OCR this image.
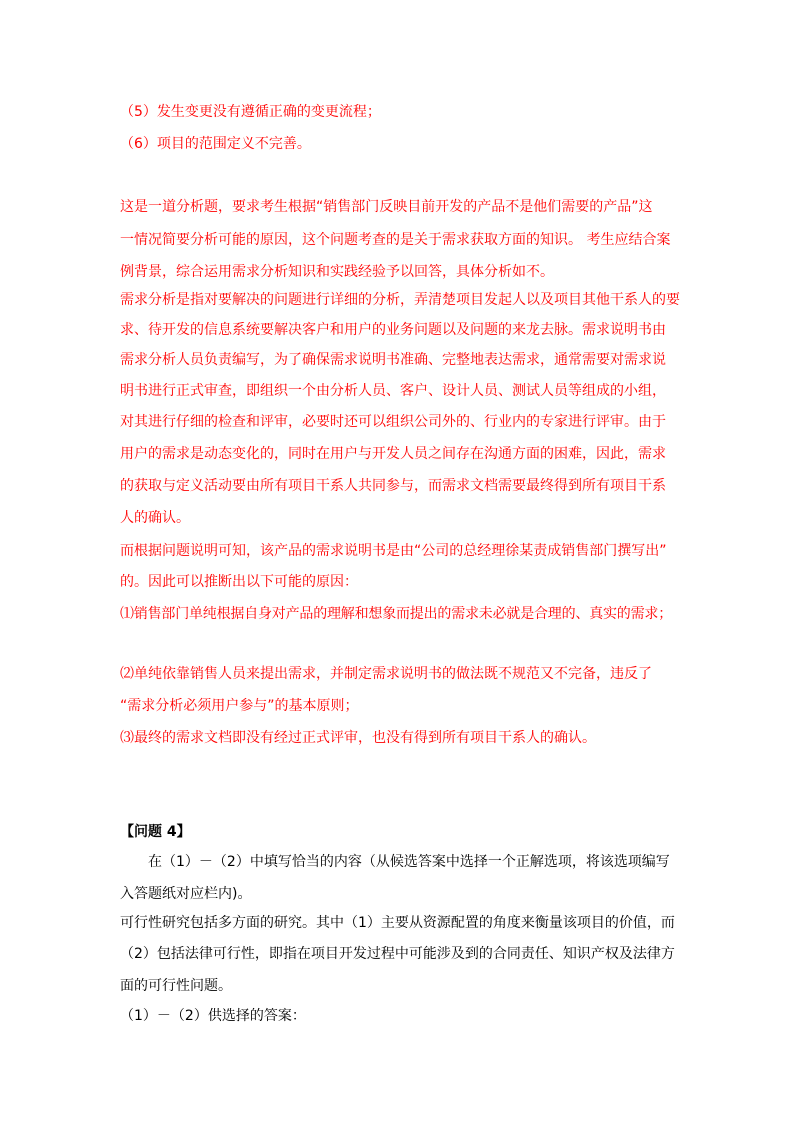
（5）发生变更没有遵循正确的变更流程；
（6）项目的范围定义不完善。
这是一道分析题，要求考生根据“销售部门反映目前开发的产品不是他们需要的产品”这
一情况简要分析可能的原因，这个问题考查的是关于需求获取方面的知识。 考生应结合案
例背景，综合运用需求分析知识和实践经验予以回答，具体分析如不。
需求分析是指对要解决的问题进行详细的分析，弄清楚项目发起人以及项目其他干系人的要
求、待开发的信息系统要解决客户和用户的业务问题以及问题的来龙去脉。需求说明书由
需求分析人员负责编写，为了确保需求说明书准确、完整地表达需求，通常需要对需求说
明书进行正式审查，即组织一个由分析人员、客户、设计人员、测试人员等组成的小组，
对其进行仔细的检查和评审，必要时还可以组织公司外的、行业内的专家进行评审。由于
用户的需求是动态变化的，同时在用户与开发人员之间存在沟通方面的困难，因此，需求
的获取与定义活动要由所有项目干系人共同参与，而需求文档需要最终得到所有项目干系
人的确认。
而根据问题说明可知，该产品的需求说明书是由“公司的总经理徐某责成销售部门撰写出”
的。因此可以推断出以下可能的原因：
⑴销售部门单纯根据自身对产品的理解和想象而提出的需求未必就是合理的、真实的需求；
⑵单纯依靠销售人员来提出需求，并制定需求说明书的做法既不规范又不完备，违反了
“需求分析必须用户参与”的基本原则；
⑶最终的需求文档即没有经过正式评审，也没有得到所有项目干系人的确认。
【问题 4】
在（1）－（2）中填写恰当的内容（从候选答案中选择一个正解选项，将该选项编写
入答题纸对应栏内)。
可行性研究包括多方面的研究。其中（1）主要从资源配置的角度来衡量该项目的价值，而
（2）包括法律可行性，即指在项目开发过程中可能涉及到的合同责任、知识产权及法律方
面的可行性问题。
（1）－（2）供选择的答案：
